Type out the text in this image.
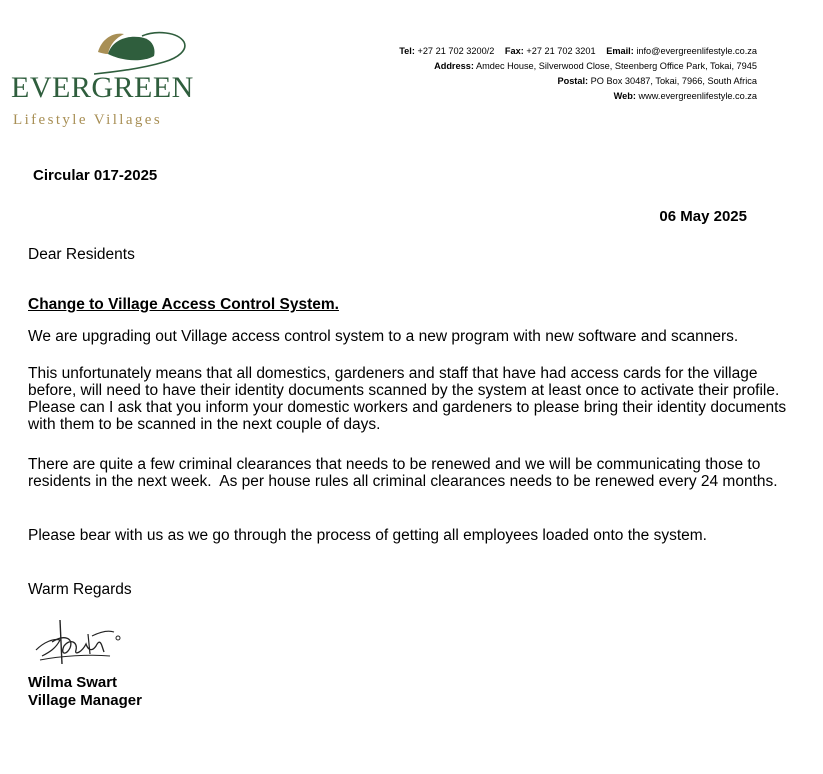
EVERGREEN
Lifestyle Villages
Tel: +27 21 702 3200/2 Fax: +27 21 702 3201 Email: info@evergreenlifestyle.co.za
Address: Amdec House, Silverwood Close, Steenberg Office Park, Tokai, 7945
Postal: PO Box 30487, Tokai, 7966, South Africa
Web: www.evergreenlifestyle.co.za
Circular 017-2025
06 May 2025

Dear Residents

Change to Village Access Control System.

We are upgrading out Village access control system to a new program with new software and scanners.

This unfortunately means that all domestics, gardeners and staff that have had access cards for the village before, will need to have their identity documents scanned by the system at least once to activate their profile.    Please can I ask that you inform your domestic workers and gardeners to please bring their identity documents with them to be scanned in the next couple of days.

There are quite a few criminal clearances that needs to be renewed and we will be communicating those to residents in the next week.  As per house rules all criminal clearances needs to be renewed every 24 months.

Please bear with us as we go through the process of getting all employees loaded onto the system.

Warm Regards

Wilma Swart
Village Manager
